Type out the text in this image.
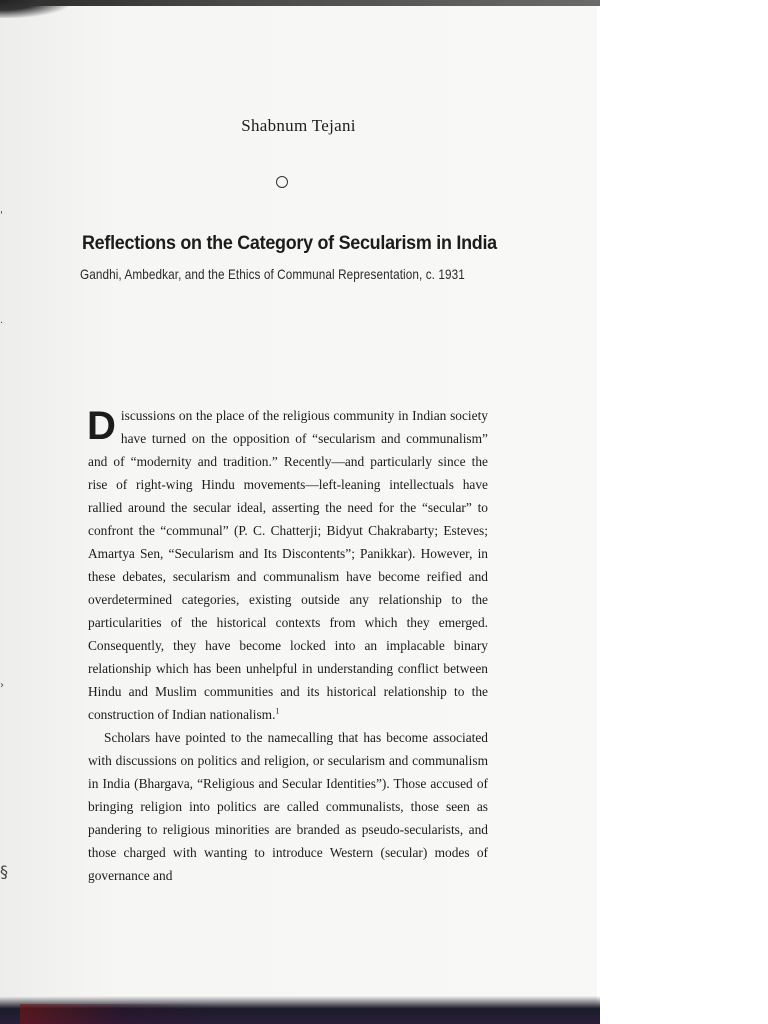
'
·
›
§
Shabnum Tejani
Reflections on the Category of Secularism in India
Gandhi, Ambedkar, and the Ethics of Communal Representation, c. 1931

Discussions on the place of the religious community in Indian society have turned on the opposition of “secularism and communalism” and of “modernity and tradition.” Recently—and particularly since the rise of right-wing Hindu movements—left-leaning intellectuals have rallied around the secular ideal, asserting the need for the “secular” to confront the “communal” (P. C. Chatterji; Bidyut Chakrabarty; Esteves; Amartya Sen, “Secularism and Its Discontents”; Panikkar). However, in these debates, secularism and communalism have become reified and overdetermined categories, existing outside any relationship to the particularities of the historical contexts from which they emerged. Consequently, they have become locked into an implacable binary relationship which has been unhelpful in understanding conflict between Hindu and Muslim communities and its historical relationship to the construction of Indian nationalism.$^1$

Scholars have pointed to the namecalling that has become associated with discussions on politics and religion, or secularism and communalism in India (Bhargava, “Religious and Secular Identities”). Those accused of bringing religion into politics are called communalists, those seen as pandering to religious minorities are branded as pseudo-secularists, and those charged with wanting to introduce Western (secular) modes of governance and
